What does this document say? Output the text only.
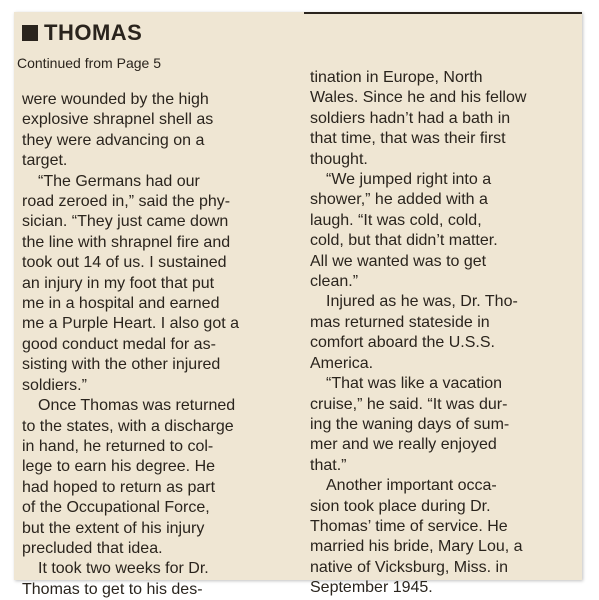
THOMAS
Continued from Page 5

were wounded by the high
explosive shrapnel shell as
they were advancing on a
target.

“The Germans had our
road zeroed in,” said the phy-
sician. “They just came down
the line with shrapnel fire and
took out 14 of us. I sustained
an injury in my foot that put
me in a hospital and earned
me a Purple Heart. I also got a
good conduct medal for as-
sisting with the other injured
soldiers.”

Once Thomas was returned
to the states, with a discharge
in hand, he returned to col-
lege to earn his degree. He
had hoped to return as part
of the Occupational Force,
but the extent of his injury
precluded that idea.

It took two weeks for Dr.
Thomas to get to his des-

tination in Europe, North
Wales. Since he and his fellow
soldiers hadn’t had a bath in
that time, that was their first
thought.

“We jumped right into a
shower,” he added with a
laugh. “It was cold, cold,
cold, but that didn’t matter.
All we wanted was to get
clean.”

Injured as he was, Dr. Tho-
mas returned stateside in
comfort aboard the U.S.S.
America.

“That was like a vacation
cruise,” he said. “It was dur-
ing the waning days of sum-
mer and we really enjoyed
that.”

Another important occa-
sion took place during Dr.
Thomas’ time of service. He
married his bride, Mary Lou, a
native of Vicksburg, Miss. in
September 1945.
